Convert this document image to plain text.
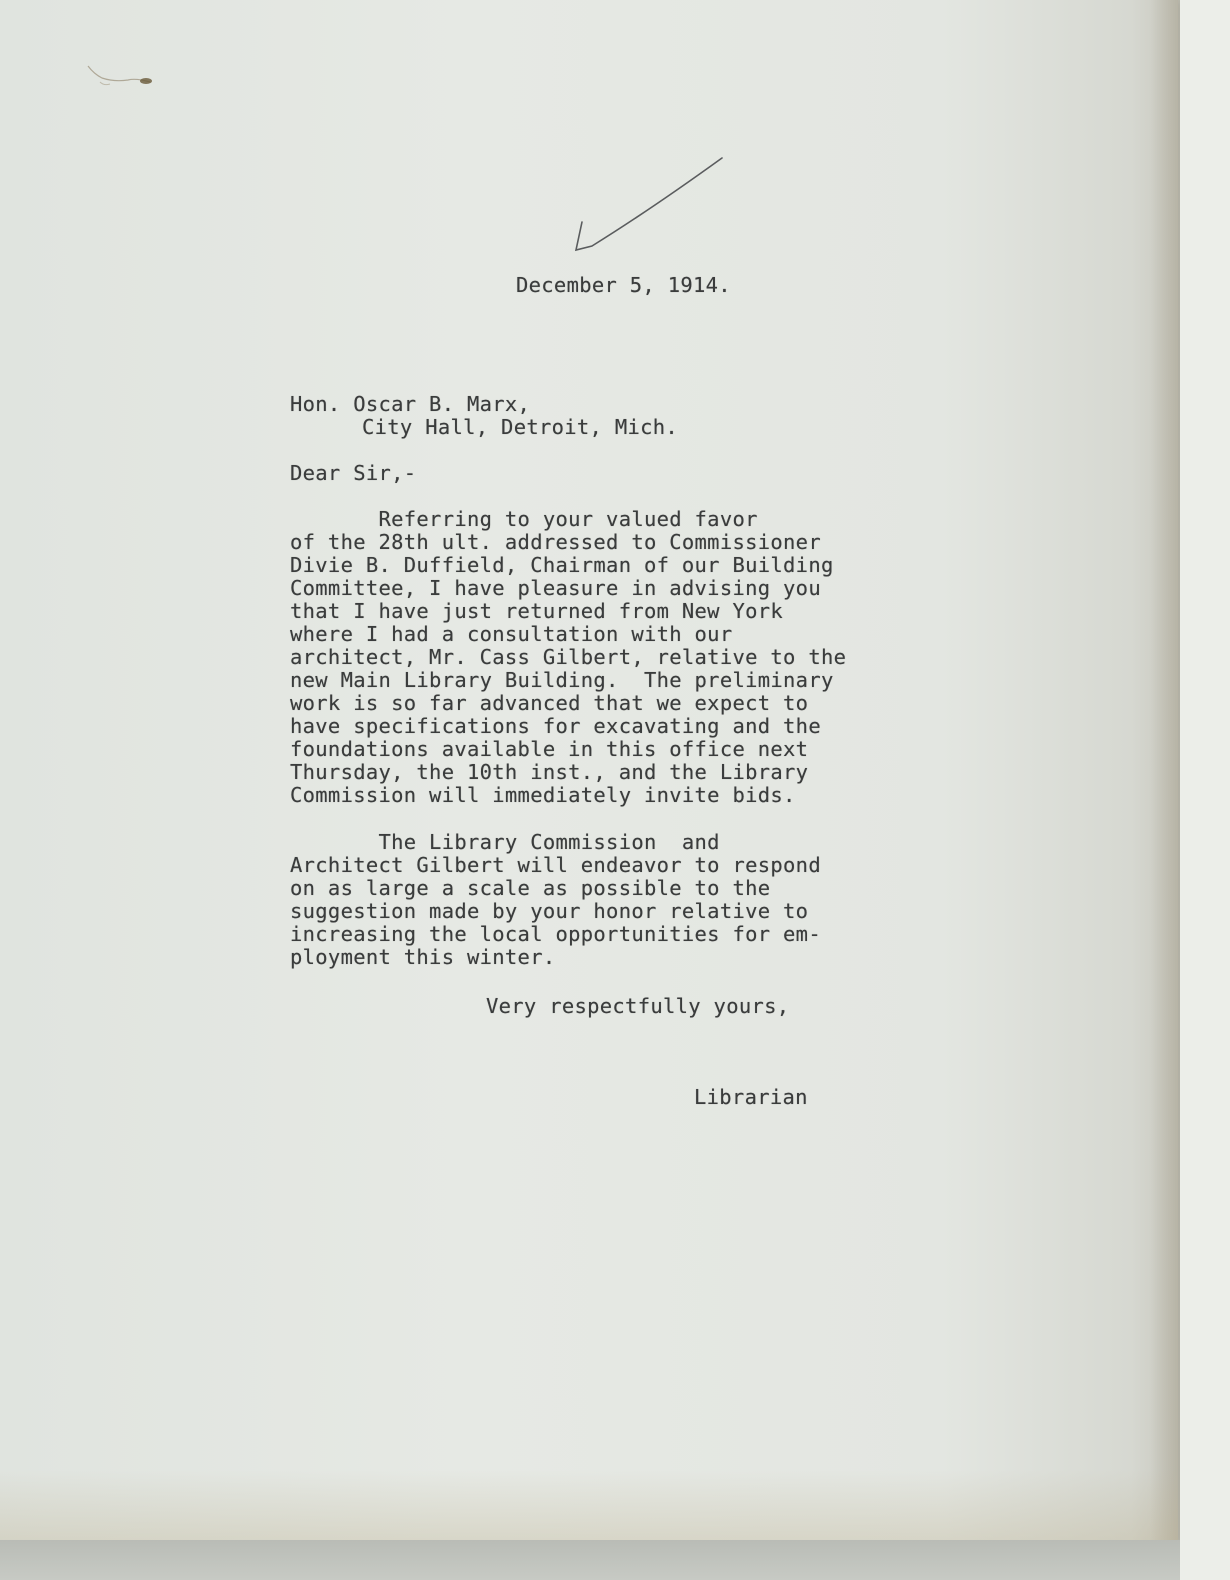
December 5, 1914.
Hon. Oscar B. Marx,
City Hall, Detroit, Mich.
Dear Sir,-
Referring to your valued favor
of the 28th ult. addressed to Commissioner
Divie B. Duffield, Chairman of our Building
Committee, I have pleasure in advising you
that I have just returned from New York
where I had a consultation with our
architect, Mr. Cass Gilbert, relative to the
new Main Library Building.  The preliminary
work is so far advanced that we expect to
have specifications for excavating and the
foundations available in this office next
Thursday, the 10th inst., and the Library
Commission will immediately invite bids.
The Library Commission  and
Architect Gilbert will endeavor to respond
on as large a scale as possible to the
suggestion made by your honor relative to
increasing the local opportunities for em-
ployment this winter.
Very respectfully yours,
Librarian
